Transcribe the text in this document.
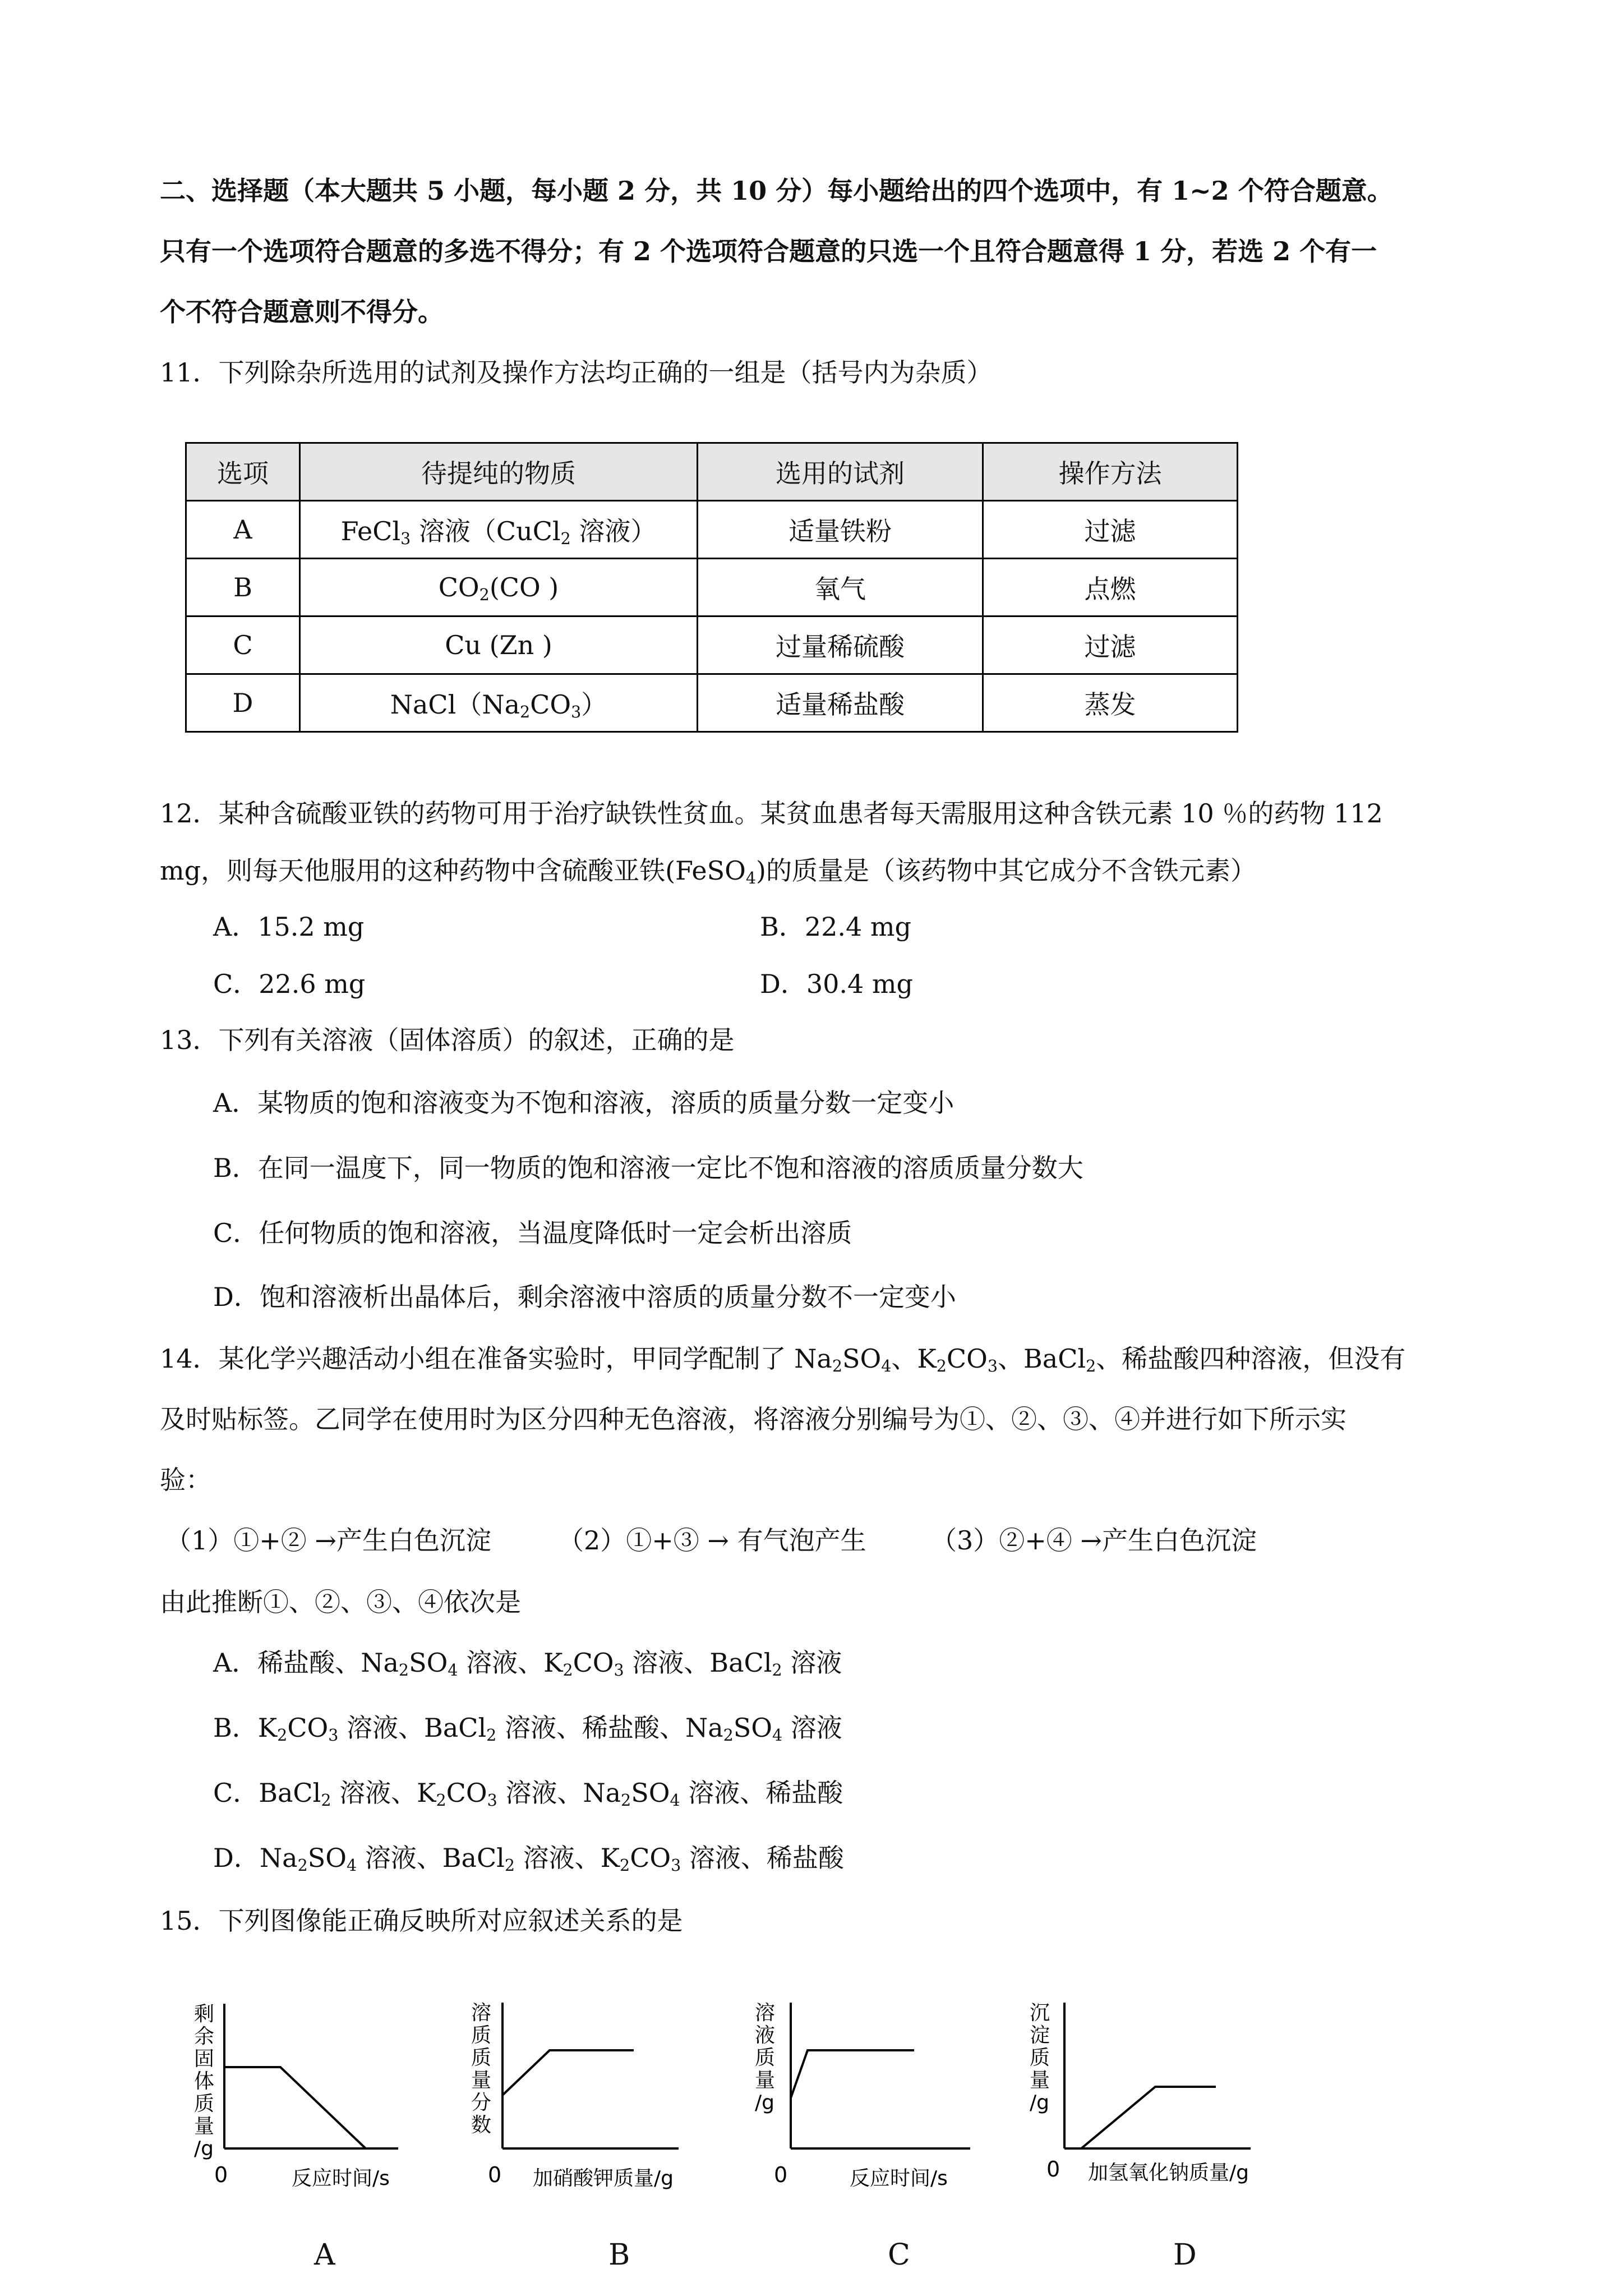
二、选择题（本大题共 5 小题，每小题 2 分，共 10 分）每小题给出的四个选项中，有 1~2 个符合题意。
只有一个选项符合题意的多选不得分；有 2 个选项符合题意的只选一个且符合题意得 1 分，若选 2 个有一
个不符合题意则不得分。
11．下列除杂所选用的试剂及操作方法均正确的一组是（括号内为杂质）
选项	待提纯的物质	选用的试剂	操作方法
A	FeCl$_3$ 溶液（CuCl$_2$ 溶液）	适量铁粉	过滤
B	$CO_2(CO$ )	氧气	点燃
C	Cu (Zn )	过量稀硫酸	过滤
D	$NaCl(Na_2CO_3)$	适量稀盐酸	蒸发
12．某种含硫酸亚铁的药物可用于治疗缺铁性贫血。某贫血患者每天需服用这种含铁元素 10 ％的药物 112
mg，则每天他服用的这种药物中含硫酸亚铁(FeSO$_4$)的质量是（该药物中其它成分不含铁元素）
A．15.2 mg	B．22.4 mg
C．22.6 mg	D．30.4 mg
13．下列有关溶液（固体溶质）的叙述，正确的是
A．某物质的饱和溶液变为不饱和溶液，溶质的质量分数一定变小
B．在同一温度下，同一物质的饱和溶液一定比不饱和溶液的溶质质量分数大
C．任何物质的饱和溶液，当温度降低时一定会析出溶质
D．饱和溶液析出晶体后，剩余溶液中溶质的质量分数不一定变小
14．某化学兴趣活动小组在准备实验时，甲同学配制了 $Na_2SO_4$、$K_2CO_3$、BaCl$_2$、稀盐酸四种溶液，但没有
及时贴标签。乙同学在使用时为区分四种无色溶液，将溶液分别编号为①、②、③、④并进行如下所示实
验：
（1）①+② →产生白色沉淀	（2）①+③ → 有气泡产生	（3）②+④ →产生白色沉淀
由此推断①、②、③、④依次是
A．稀盐酸、$Na_2SO_4$ 溶液、$K_2CO_3$ 溶液、BaCl$_2$ 溶液
B．$K_2CO_3$ 溶液、BaCl$_2$ 溶液、稀盐酸、$Na_2SO_4$ 溶液
C．BaCl$_2$ 溶液、$K_2CO_3$ 溶液、$Na_2SO_4$ 溶液、稀盐酸
D．$Na_2SO_4$ 溶液、BaCl$_2$ 溶液、$K_2CO_3$ 溶液、稀盐酸
15．下列图像能正确反映所对应叙述关系的是
剩
余
固
体
质
量
/g
0	反应时间/s
A
溶
质
质
量
分
数
0 加硝酸钾质量/g
B
溶
液
质
量
/g
0	反应时间/s
C
沉
淀
质
量
/g
0 加氢氧化钠质量/g
D
